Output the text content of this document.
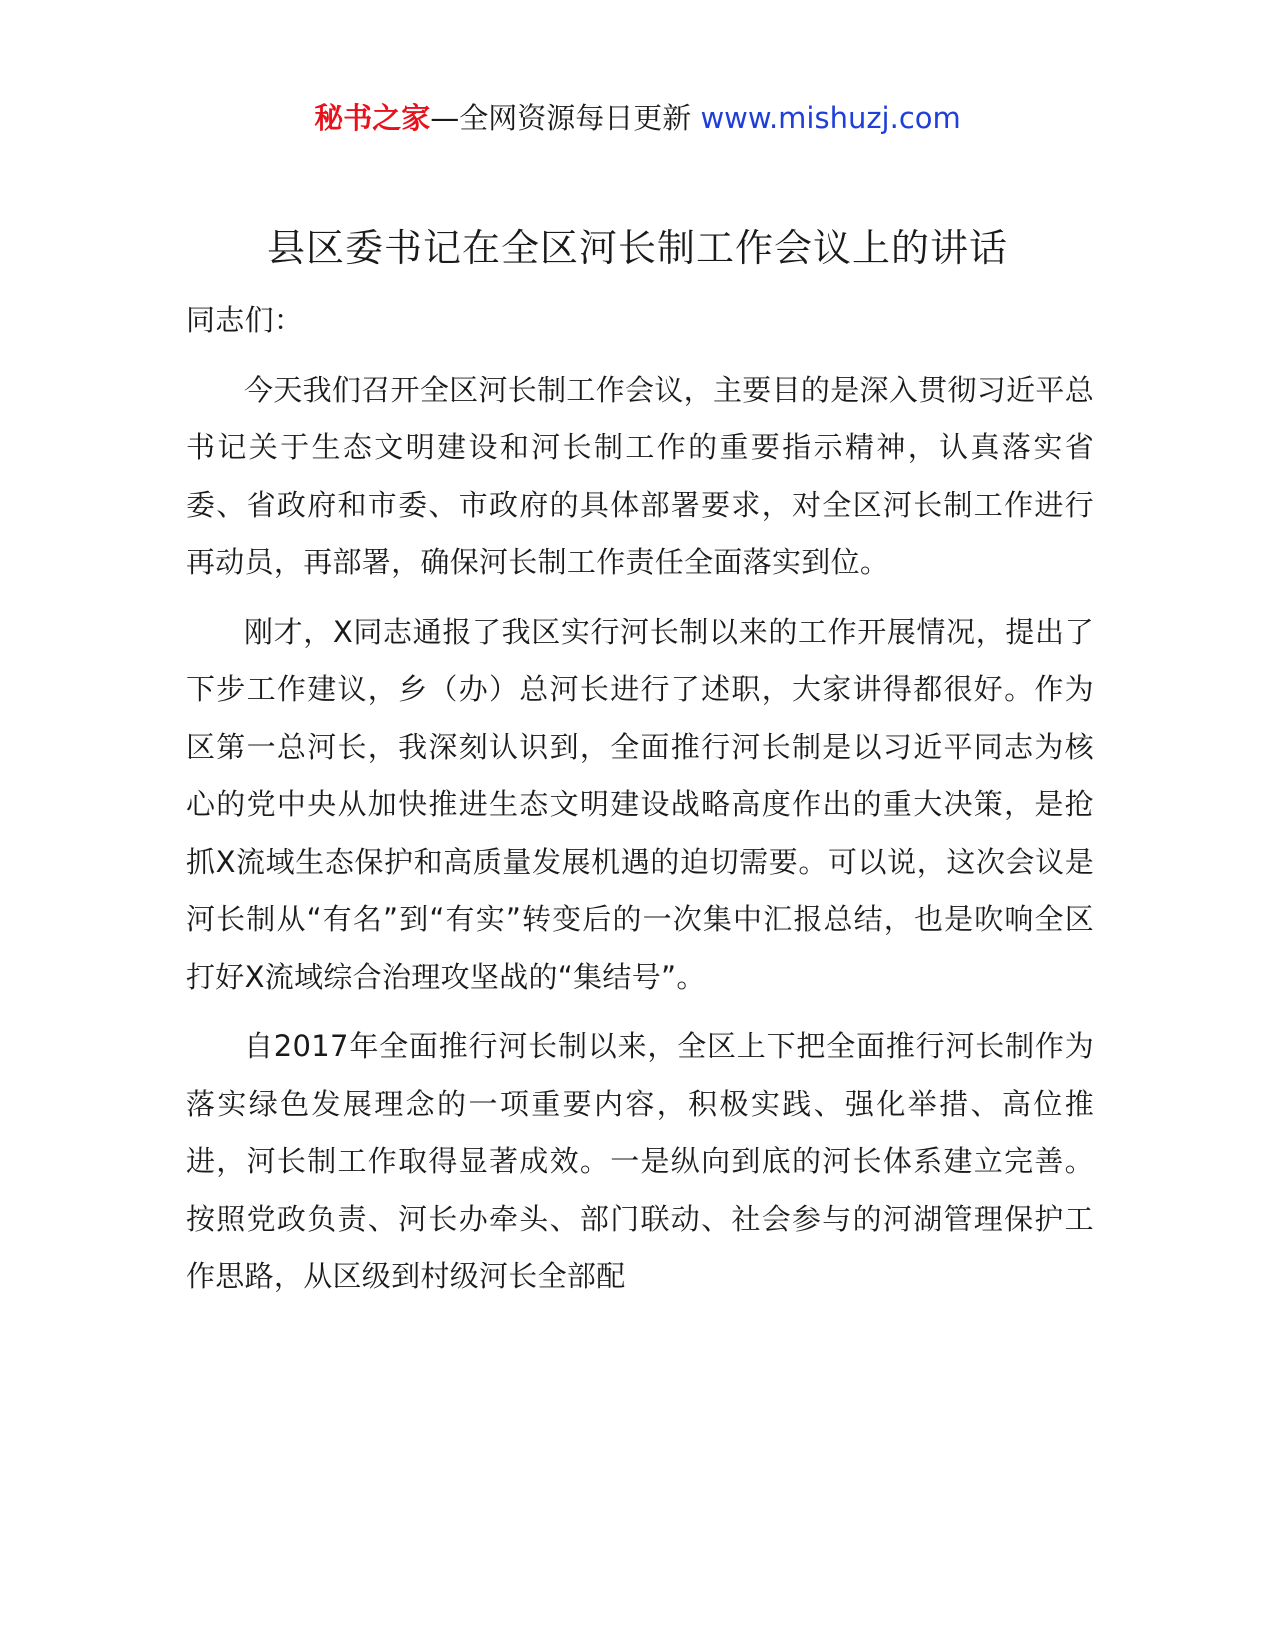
秘书之家—全网资源每日更新 www.mishuzj.com
县区委书记在全区河长制工作会议上的讲话

同志们：

今天我们召开全区河长制工作会议，主要目的是深入贯彻习近平总书记关于生态文明建设和河长制工作的重要指示精神，认真落实省委、省政府和市委、市政府的具体部署要求，对全区河长制工作进行再动员，再部署，确保河长制工作责任全面落实到位。

刚才，X同志通报了我区实行河长制以来的工作开展情况，提出了下步工作建议，乡（办）总河长进行了述职，大家讲得都很好。作为区第一总河长，我深刻认识到，全面推行河长制是以习近平同志为核心的党中央从加快推进生态文明建设战略高度作出的重大决策，是抢抓X流域生态保护和高质量发展机遇的迫切需要。可以说，这次会议是河长制从“有名”到“有实”转变后的一次集中汇报总结，也是吹响全区打好X流域综合治理攻坚战的“集结号”。

自2017年全面推行河长制以来，全区上下把全面推行河长制作为落实绿色发展理念的一项重要内容，积极实践、强化举措、高位推进，河长制工作取得显著成效。一是纵向到底的河长体系建立完善。按照党政负责、河长办牵头、部门联动、社会参与的河湖管理保护工作思路，从区级到村级河长全部配
